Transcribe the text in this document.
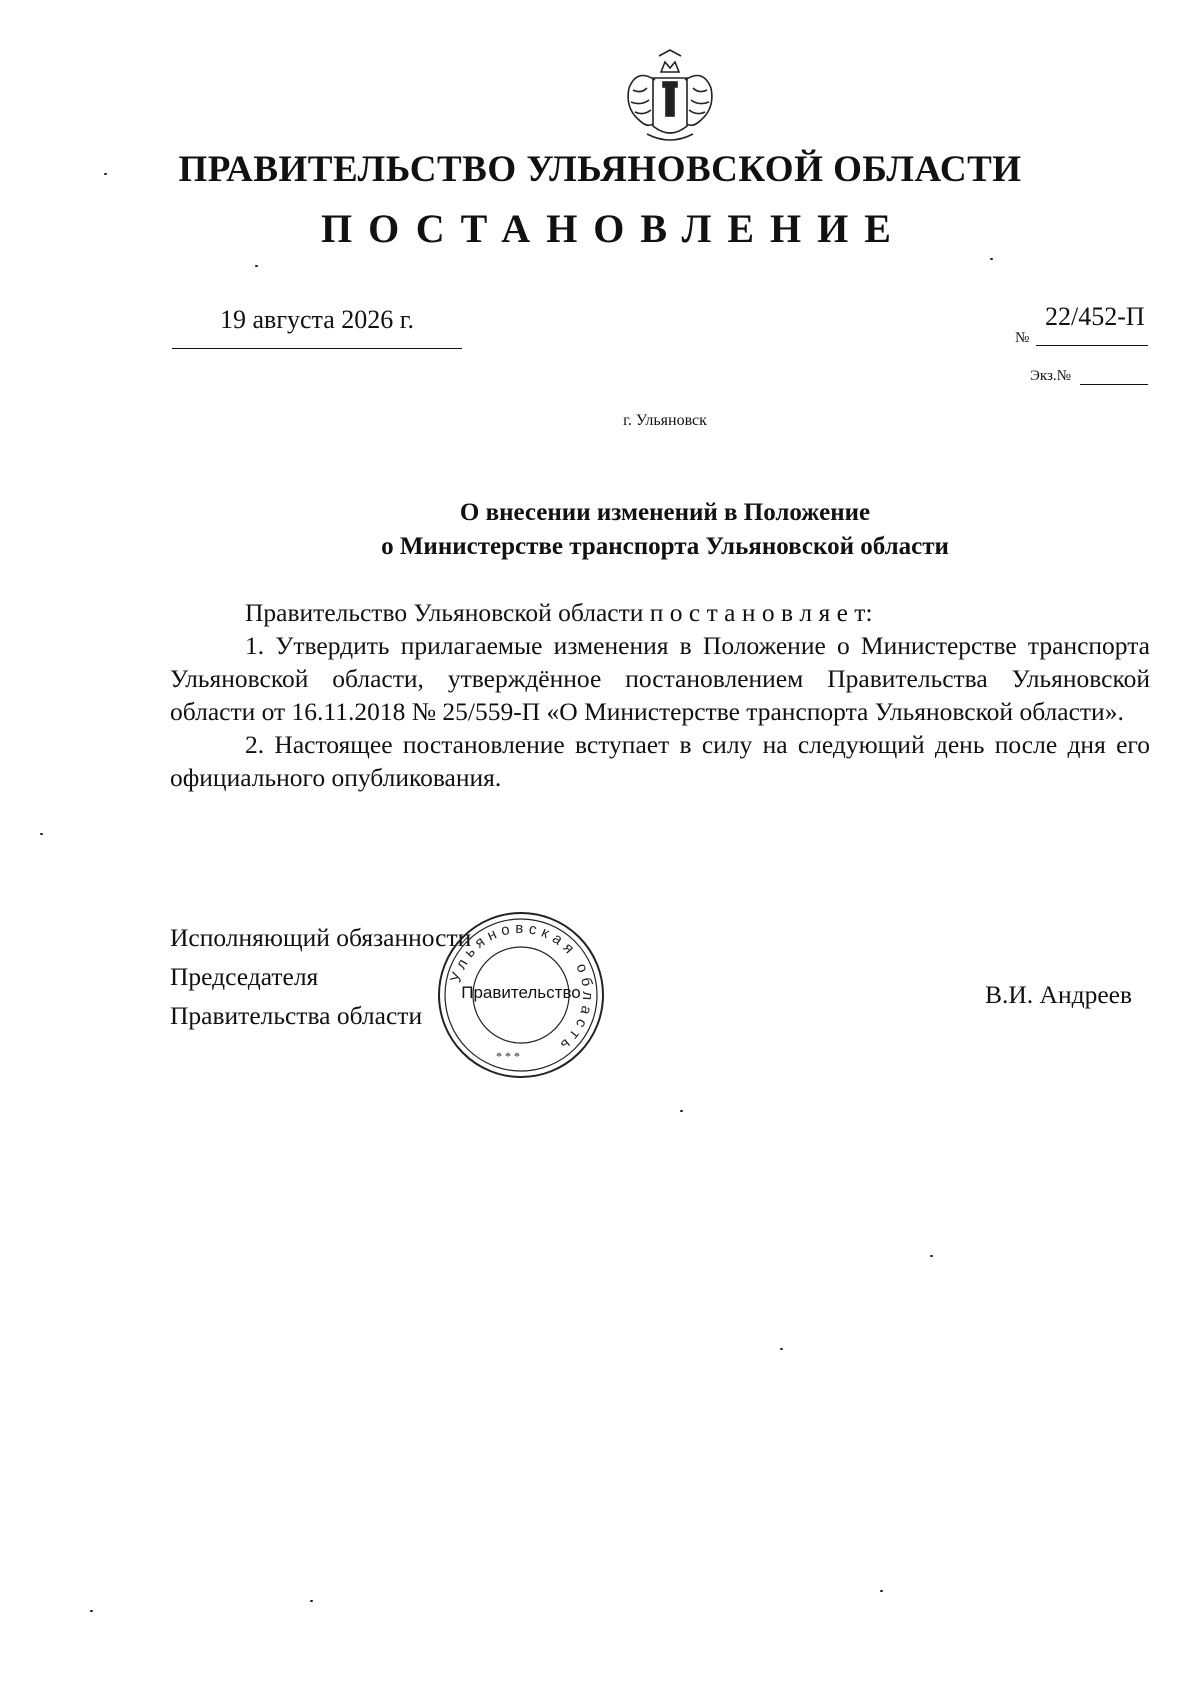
ПРАВИТЕЛЬСТВО УЛЬЯНОВСКОЙ ОБЛАСТИ
ПОСТАНОВЛЕНИЕ
19 августа 2026 г.
№
22/452-П
Экз.№
г. Ульяновск
О внесении изменений в Положение
о Министерстве транспорта Ульяновской области

Правительство Ульяновской области п о с т а н о в л я е т:

1. Утвердить прилагаемые изменения в Положение о Министерстве транспорта Ульяновской области, утверждённое постановлением Правительства Ульяновской области от 16.11.2018 № 25/559-П «О Министерстве транспорта Ульяновской области».

2. Настоящее постановление вступает в силу на следующий день после дня его официального опубликования.

Исполняющий обязанности
Председателя
Правительства области
В.И. Андреев
Ульяновская область
* * *
Правительство
